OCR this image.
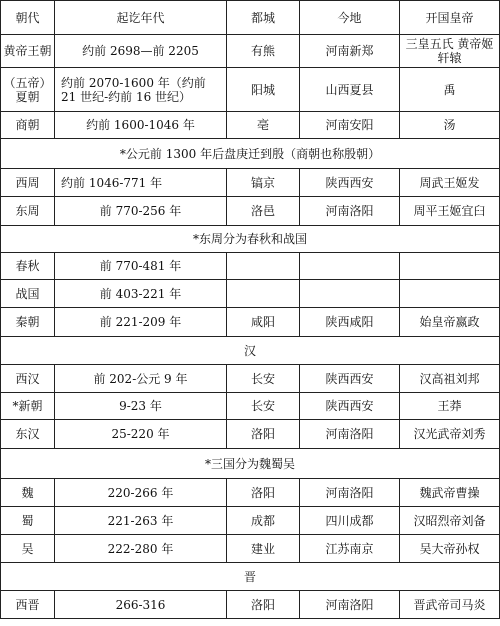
朝代	起讫年代	都城	今地	开国皇帝
黄帝王朝	约前 2698—前 2205	有熊	河南新郑	三皇五氏 黄帝姬轩辕
（五帝）夏朝	约前 2070-1600 年（约前 21 世纪-约前 16 世纪）	阳城	山西夏县	禹
商朝	约前 1600-1046 年	亳	河南安阳	汤
*公元前 1300 年后盘庚迁到殷（商朝也称殷朝）				
西周	约前 1046-771 年	镐京	陕西西安	周武王姬发
东周	前 770-256 年	洛邑	河南洛阳	周平王姬宜臼
*东周分为春秋和战国				
春秋	前 770-481 年			
战国	前 403-221 年			
秦朝	前 221-209 年	咸阳	陕西咸阳	始皇帝嬴政
汉				
西汉	前 202-公元 9 年	长安	陕西西安	汉高祖刘邦
*新朝	9-23 年	长安	陕西西安	王莽
东汉	25-220 年	洛阳	河南洛阳	汉光武帝刘秀
*三国分为魏蜀吴				
魏	220-266 年	洛阳	河南洛阳	魏武帝曹操
蜀	221-263 年	成都	四川成都	汉昭烈帝刘备
吴	222-280 年	建业	江苏南京	吴大帝孙权
晋				
西晋	266-316	洛阳	河南洛阳	晋武帝司马炎
